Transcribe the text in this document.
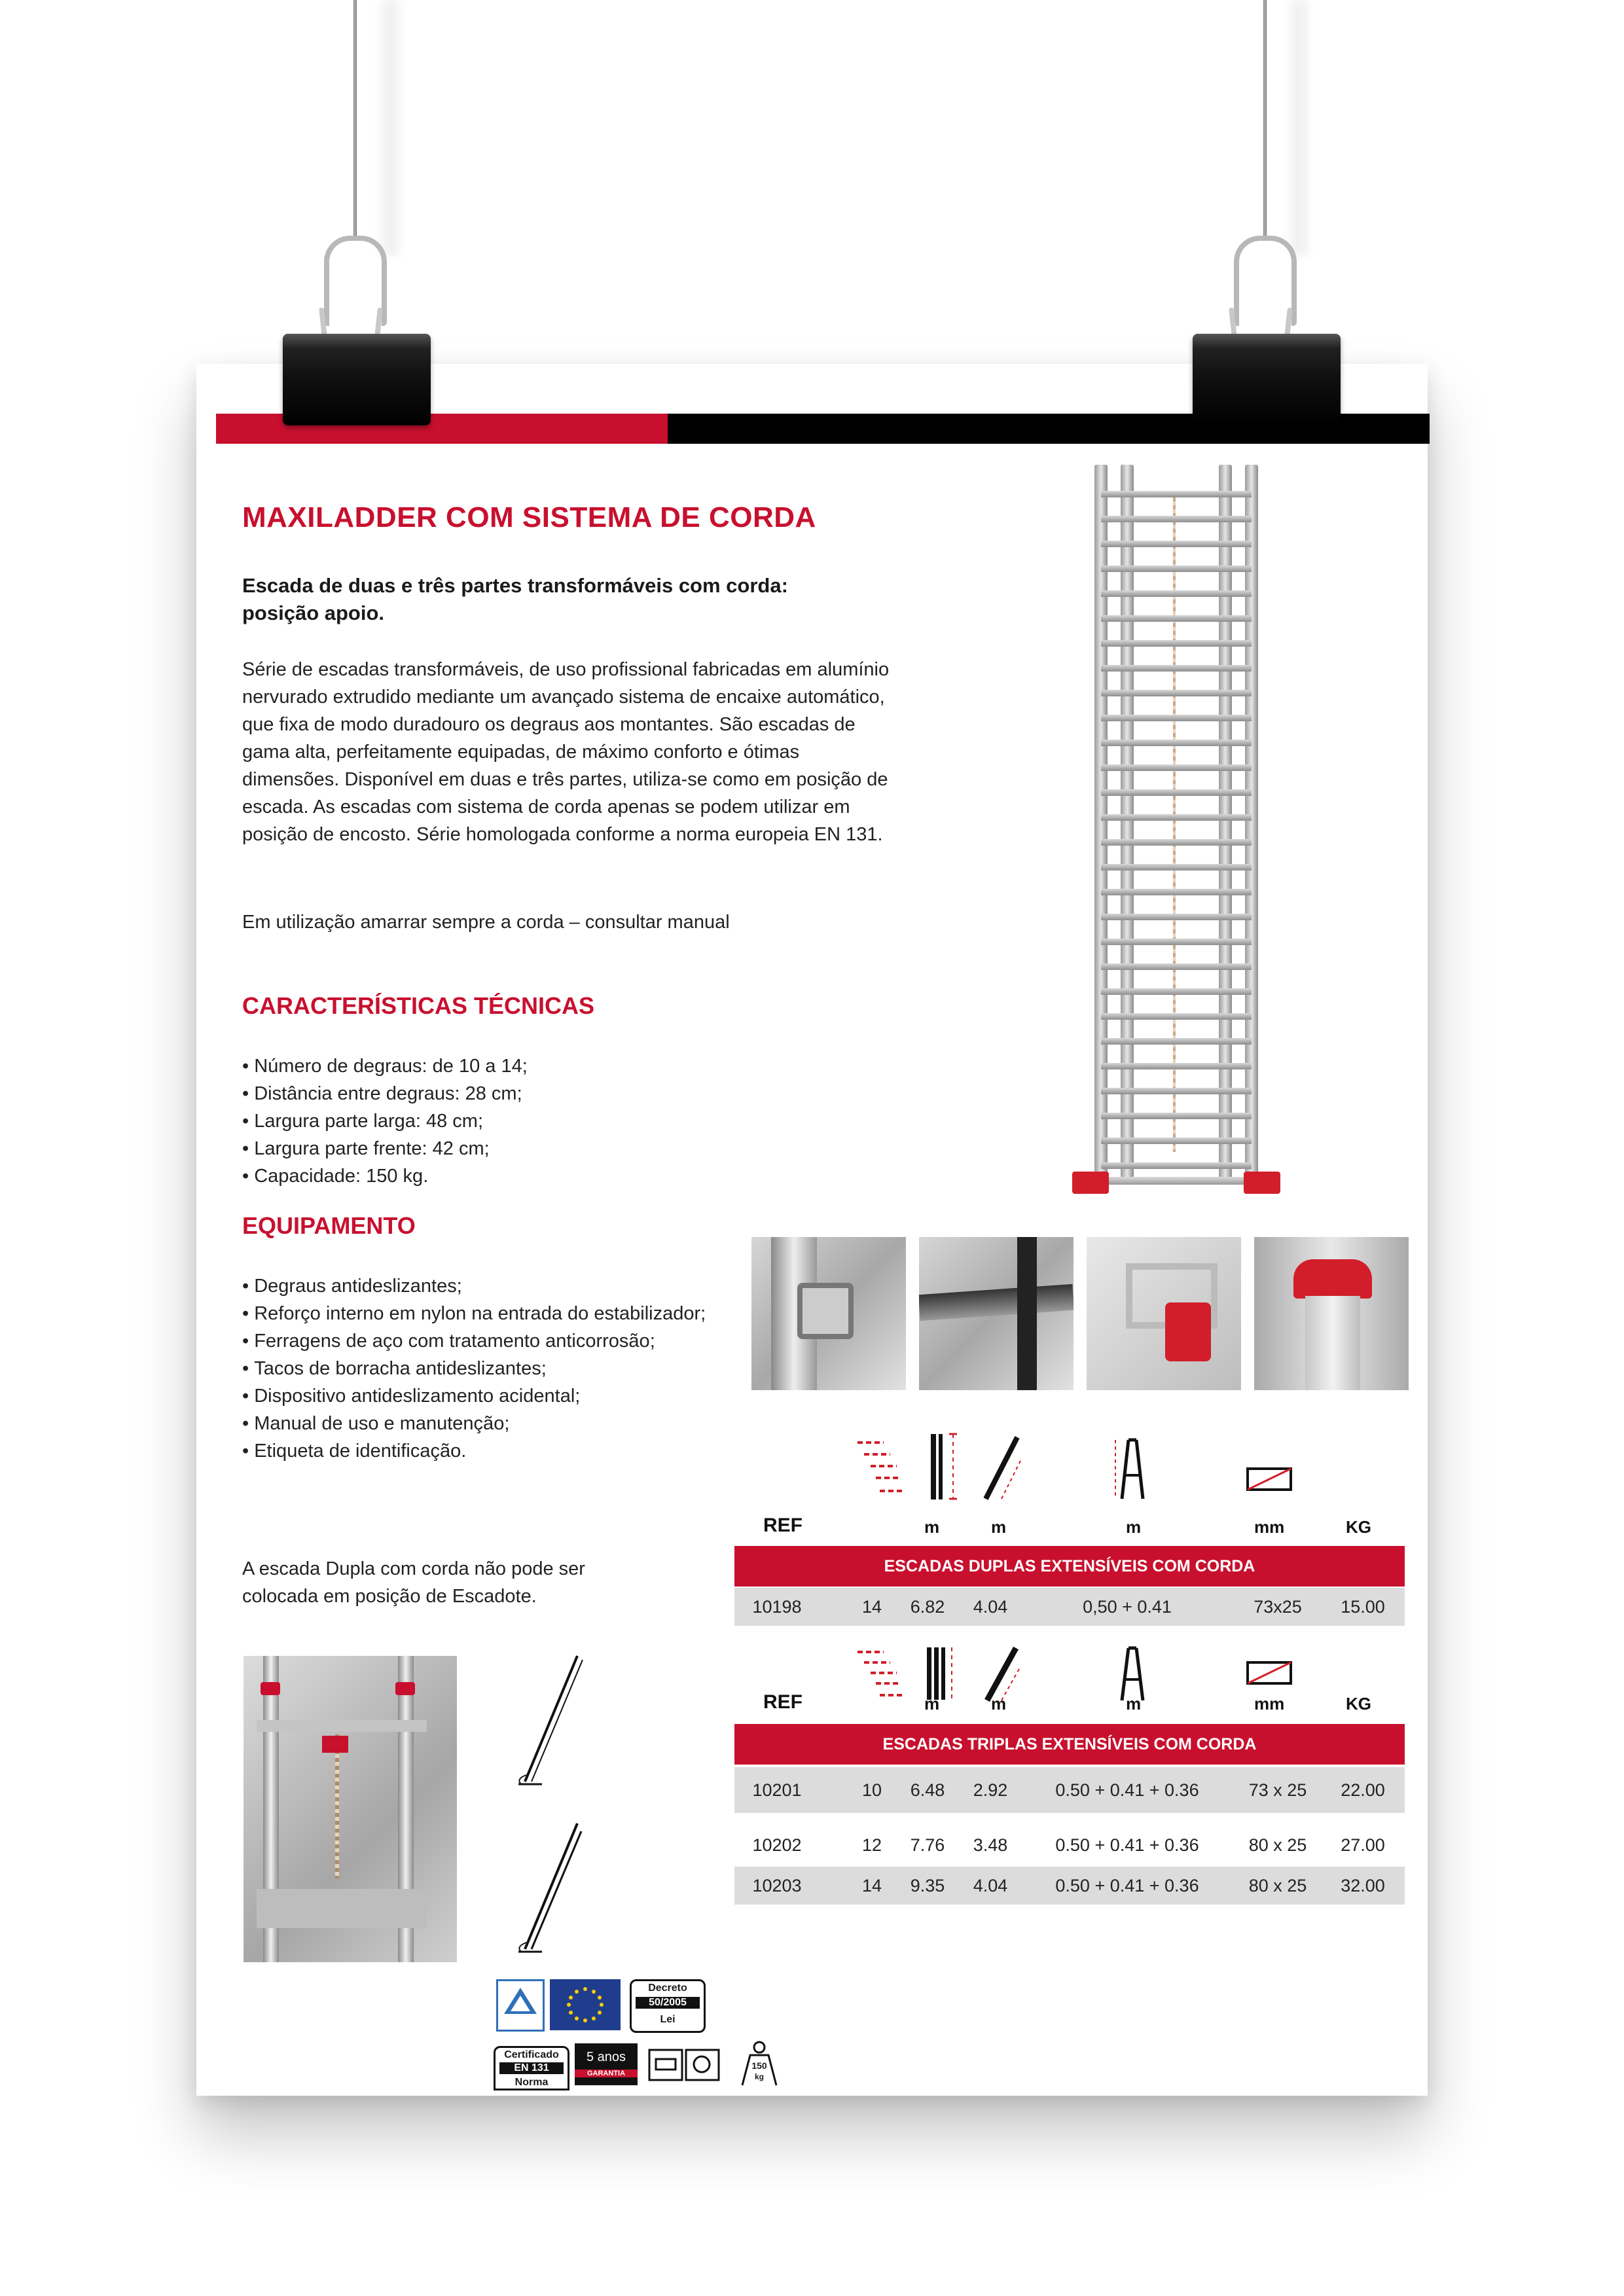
MAXILADDER COM SISTEMA DE CORDA
Escada de duas e três partes transformáveis com corda: posição apoio.
Série de escadas transformáveis, de uso profissional fabricadas em alumínio nervurado extrudido mediante um avançado sistema de encaixe automático, que fixa de modo duradouro os degraus aos montantes. São escadas de gama alta, perfeitamente equipadas, de máximo conforto e ótimas dimensões. Disponível em duas e três partes, utiliza-se como em posição de escada. As escadas com sistema de corda apenas se podem utilizar em posição de encosto. Série homologada conforme a norma europeia EN 131.
Em utilização amarrar sempre a corda – consultar manual
CARACTERÍSTICAS TÉCNICAS
• Número de degraus: de 10 a 14;
• Distância entre degraus: 28 cm;
• Largura parte larga: 48 cm;
• Largura parte frente: 42 cm;
• Capacidade: 150 kg.
EQUIPAMENTO
• Degraus antideslizantes;
• Reforço interno em nylon na entrada do estabilizador;
• Ferragens de aço com tratamento anticorrosão;
• Tacos de borracha antideslizantes;
• Dispositivo antideslizamento acidental;
• Manual de uso e manutenção;
• Etiqueta de identificação.
A escada Dupla com corda não pode ser colocada em posição de Escadote.
REF	m	m	m	mm	KG
ESCADAS DUPLAS EXTENSÍVEIS COM CORDA
10198	14	6.82	4.04	0,50 + 0.41	73x25	15.00
REF	m	m	m	mm	KG
ESCADAS TRIPLAS EXTENSÍVEIS COM CORDA
10201	10	6.48	2.92	0.50 + 0.41 + 0.36	73 x 25	22.00
10202	12	7.76	3.48	0.50 + 0.41 + 0.36	80 x 25	27.00
10203	14	9.35	4.04	0.50 + 0.41 + 0.36	80 x 25	32.00
Decreto
50/2005
Lei
Certificado
EN 131
Norma
5 anos
GARANTIA
150
kg
